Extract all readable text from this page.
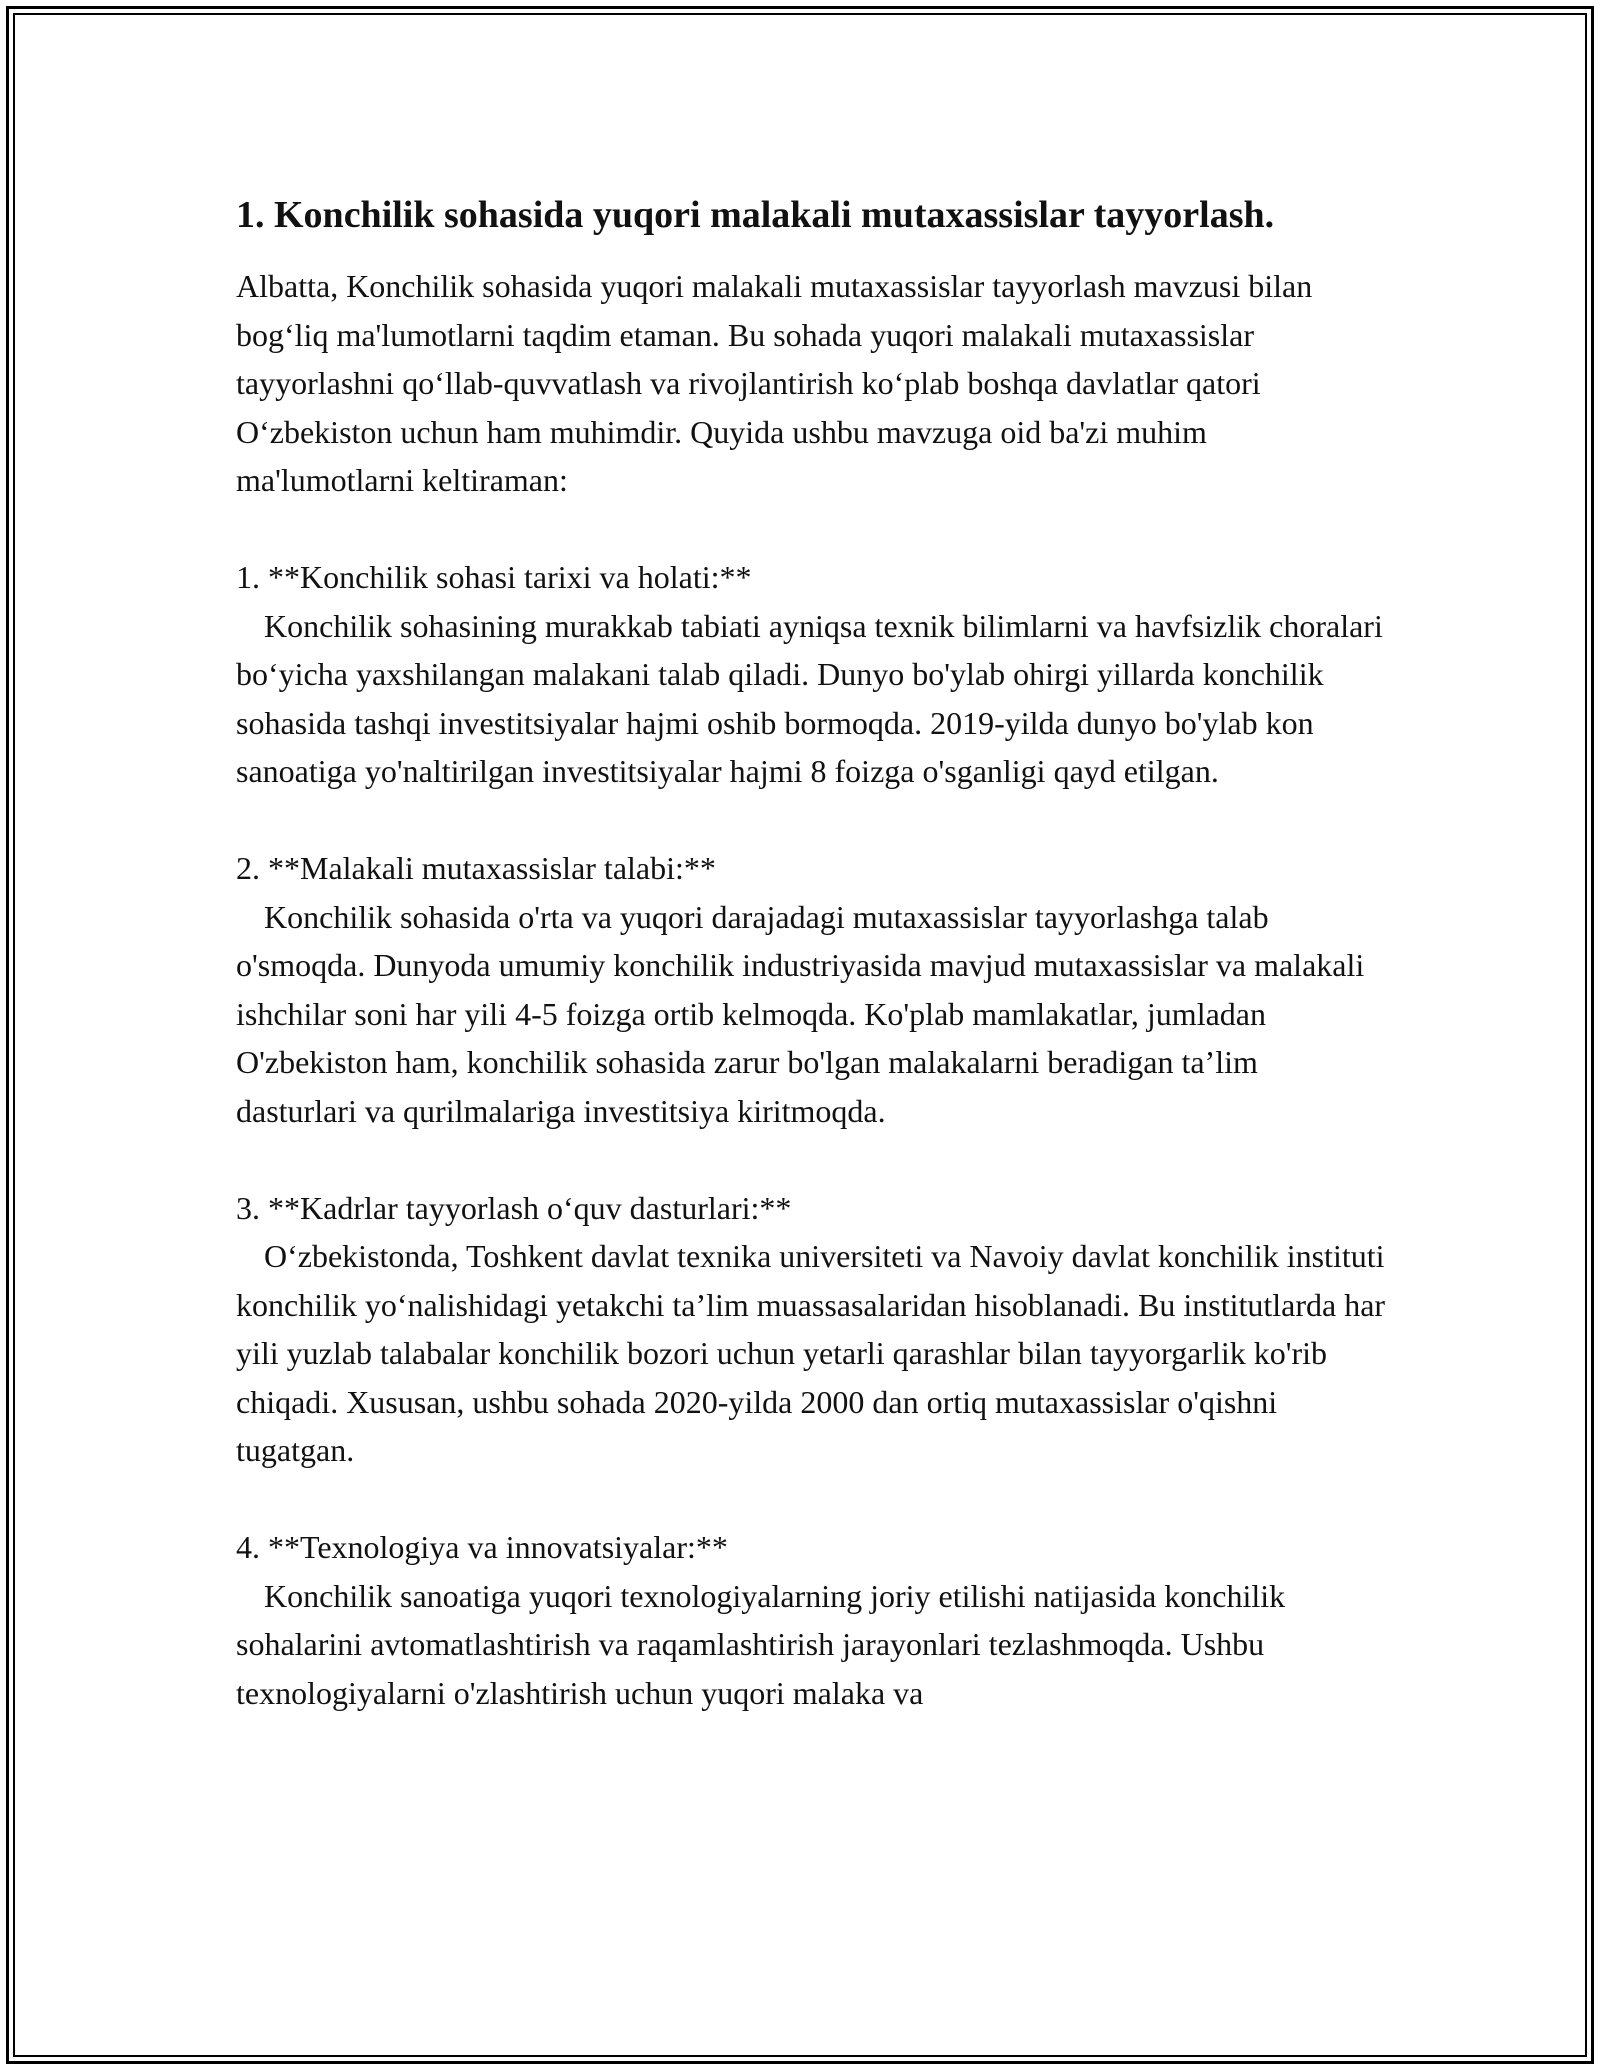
1. Konchilik sohasida yuqori malakali mutaxassislar tayyorlash.

Albatta, Konchilik sohasida yuqori malakali mutaxassislar tayyorlash mavzusi bilan bog‘liq ma'lumotlarni taqdim etaman. Bu sohada yuqori malakali mutaxassislar tayyorlashni qo‘llab-quvvatlash va rivojlantirish ko‘plab boshqa davlatlar qatori O‘zbekiston uchun ham muhimdir. Quyida ushbu mavzuga oid ba'zi muhim ma'lumotlarni keltiraman:

1. **Konchilik sohasi tarixi va holati:**

Konchilik sohasining murakkab tabiati ayniqsa texnik bilimlarni va havfsizlik choralari bo‘yicha yaxshilangan malakani talab qiladi. Dunyo bo'ylab ohirgi yillarda konchilik sohasida tashqi investitsiyalar hajmi oshib bormoqda. 2019-yilda dunyo bo'ylab kon sanoatiga yo'naltirilgan investitsiyalar hajmi 8 foizga o'sganligi qayd etilgan.

2. **Malakali mutaxassislar talabi:**

Konchilik sohasida o'rta va yuqori darajadagi mutaxassislar tayyorlashga talab o'smoqda. Dunyoda umumiy konchilik industriyasida mavjud mutaxassislar va malakali ishchilar soni har yili 4-5 foizga ortib kelmoqda. Ko'plab mamlakatlar, jumladan O'zbekiston ham, konchilik sohasida zarur bo'lgan malakalarni beradigan ta’lim dasturlari va qurilmalariga investitsiya kiritmoqda.

3. **Kadrlar tayyorlash o‘quv dasturlari:**

O‘zbekistonda, Toshkent davlat texnika universiteti va Navoiy davlat konchilik instituti konchilik yo‘nalishidagi yetakchi ta’lim muassasalaridan hisoblanadi. Bu institutlarda har yili yuzlab talabalar konchilik bozori uchun yetarli qarashlar bilan tayyorgarlik ko'rib chiqadi. Xususan, ushbu sohada 2020-yilda 2000 dan ortiq mutaxassislar o'qishni tugatgan.

4. **Texnologiya va innovatsiyalar:**

Konchilik sanoatiga yuqori texnologiyalarning joriy etilishi natijasida konchilik sohalarini avtomatlashtirish va raqamlashtirish jarayonlari tezlashmoqda. Ushbu texnologiyalarni o'zlashtirish uchun yuqori malaka va
